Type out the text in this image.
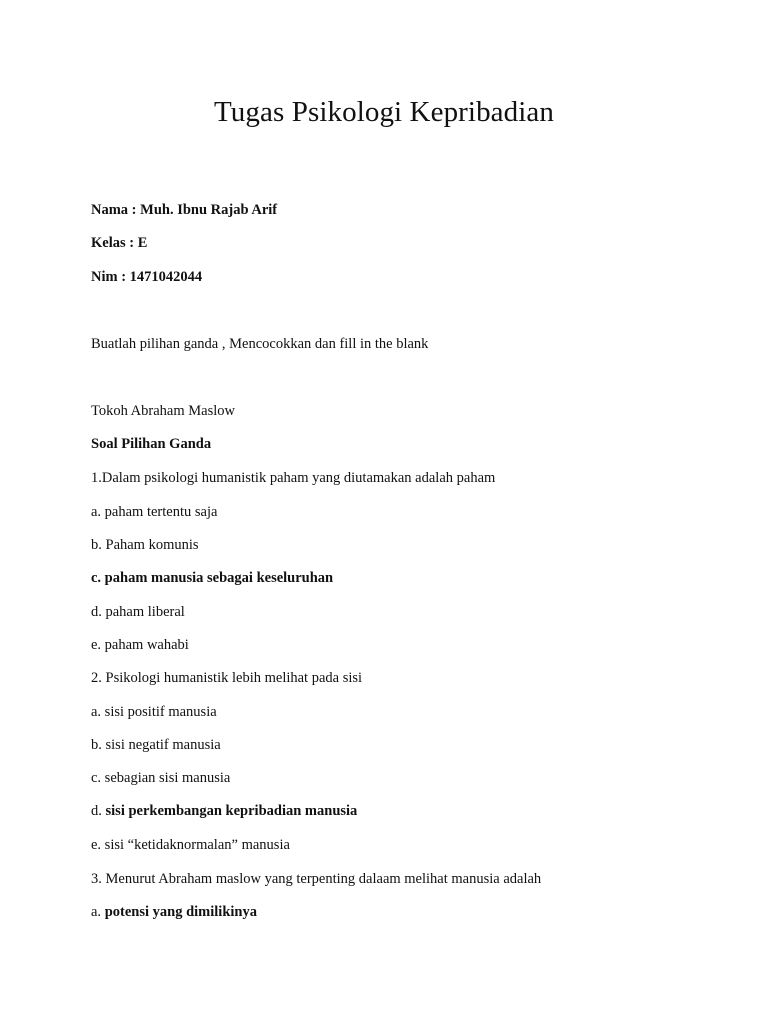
Tugas Psikologi Kepribadian

Nama : Muh. Ibnu Rajab Arif

Kelas : E

Nim : 1471042044

Buatlah pilihan ganda , Mencocokkan dan fill in the blank

Tokoh Abraham Maslow

Soal Pilihan Ganda

1.Dalam psikologi humanistik paham yang diutamakan adalah paham

a. paham tertentu saja

b. Paham komunis

c. paham manusia sebagai keseluruhan

d. paham liberal

e. paham wahabi

2. Psikologi humanistik lebih melihat pada sisi

a. sisi positif manusia

b. sisi negatif manusia

c. sebagian sisi manusia

d. sisi perkembangan kepribadian manusia

e. sisi “ketidaknormalan” manusia

3. Menurut Abraham maslow yang terpenting dalaam melihat manusia adalah

a. potensi yang dimilikinya
